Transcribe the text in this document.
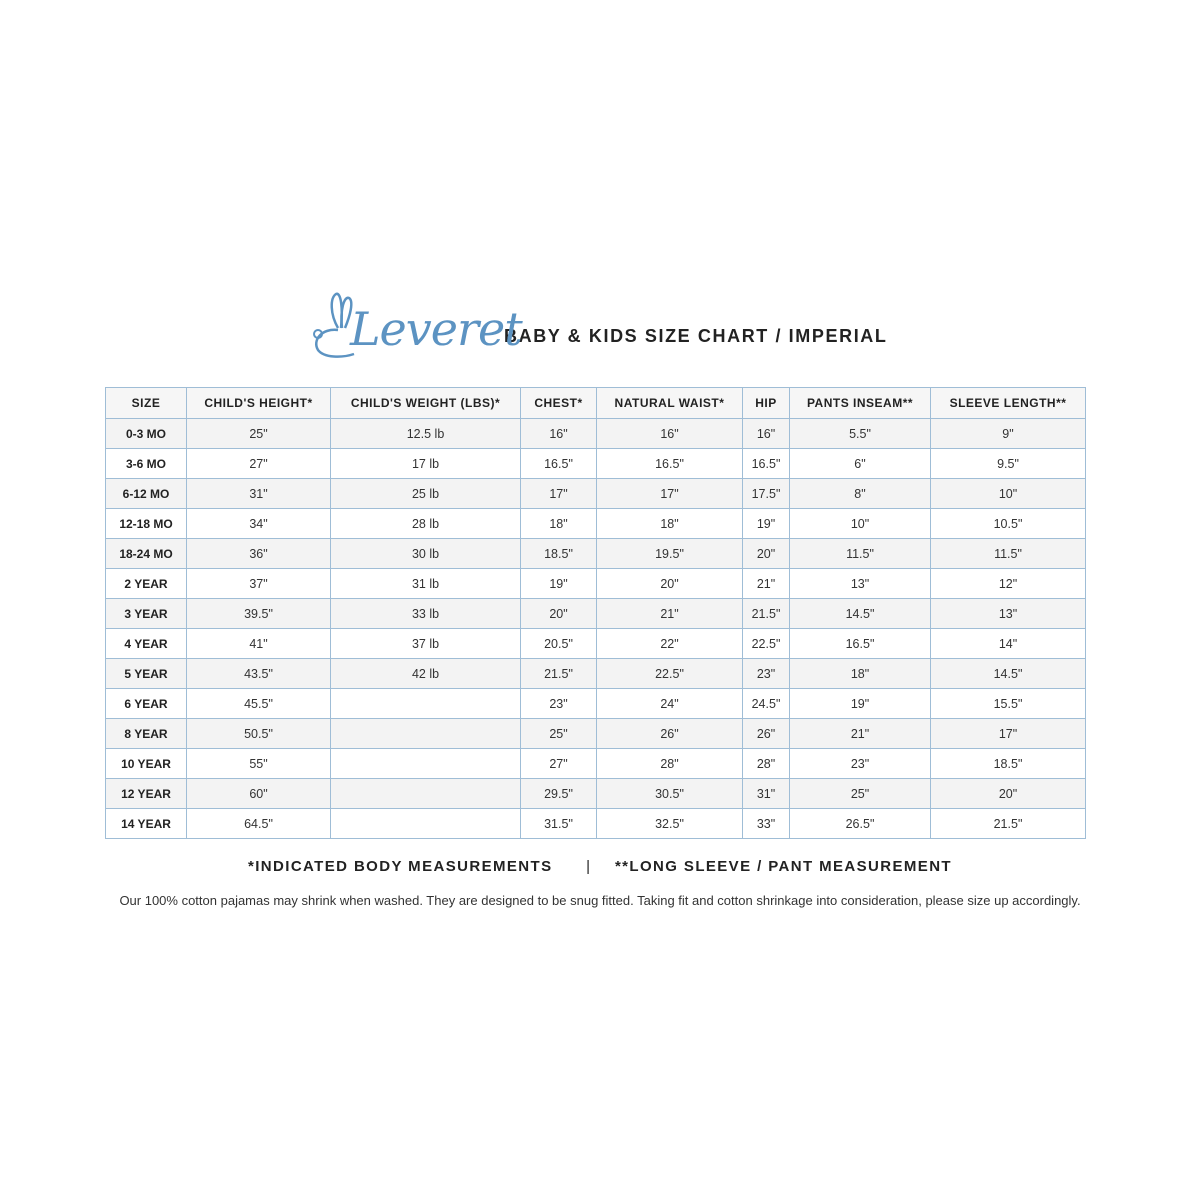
Leveret
BABY & KIDS SIZE CHART / IMPERIAL
SIZE	CHILD'S HEIGHT*	CHILD'S WEIGHT (LBS)*	CHEST*	NATURAL WAIST*	HIP	PANTS INSEAM**	SLEEVE LENGTH**
0-3 MO	25"	12.5 lb	16"	16"	16"	5.5"	9"
3-6 MO	27"	17 lb	16.5"	16.5"	16.5"	6"	9.5"
6-12 MO	31"	25 lb	17"	17"	17.5"	8"	10"
12-18 MO	34"	28 lb	18"	18"	19"	10"	10.5"
18-24 MO	36"	30 lb	18.5"	19.5"	20"	11.5"	11.5"
2 YEAR	37"	31 lb	19"	20"	21"	13"	12"
3 YEAR	39.5"	33 lb	20"	21"	21.5"	14.5"	13"
4 YEAR	41"	37 lb	20.5"	22"	22.5"	16.5"	14"
5 YEAR	43.5"	42 lb	21.5"	22.5"	23"	18"	14.5"
6 YEAR	45.5"		23"	24"	24.5"	19"	15.5"
8 YEAR	50.5"		25"	26"	26"	21"	17"
10 YEAR	55"		27"	28"	28"	23"	18.5"
12 YEAR	60"		29.5"	30.5"	31"	25"	20"
14 YEAR	64.5"		31.5"	32.5"	33"	26.5"	21.5"
*INDICATED BODY MEASUREMENTS | **LONG SLEEVE / PANT MEASUREMENT
Our 100% cotton pajamas may shrink when washed. They are designed to be snug fitted. Taking fit and cotton shrinkage into consideration, please size up accordingly.
